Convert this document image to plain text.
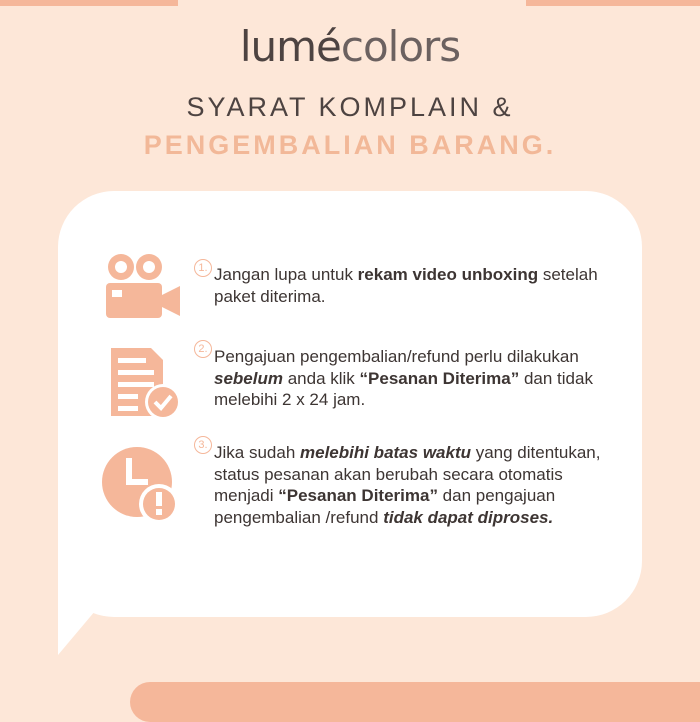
lumécolors
SYARAT KOMPLAIN &
PENGEMBALIAN BARANG.
1. Jangan lupa untuk rekam video unboxing setelah paket diterima.
2. Pengajuan pengembalian/refund perlu dilakukan sebelum anda klik “Pesanan Diterima” dan tidak melebihi 2 x 24 jam.
3. Jika sudah melebihi batas waktu yang ditentukan, status pesanan akan berubah secara otomatis menjadi “Pesanan Diterima” dan pengajuan pengembalian /refund tidak dapat diproses.
